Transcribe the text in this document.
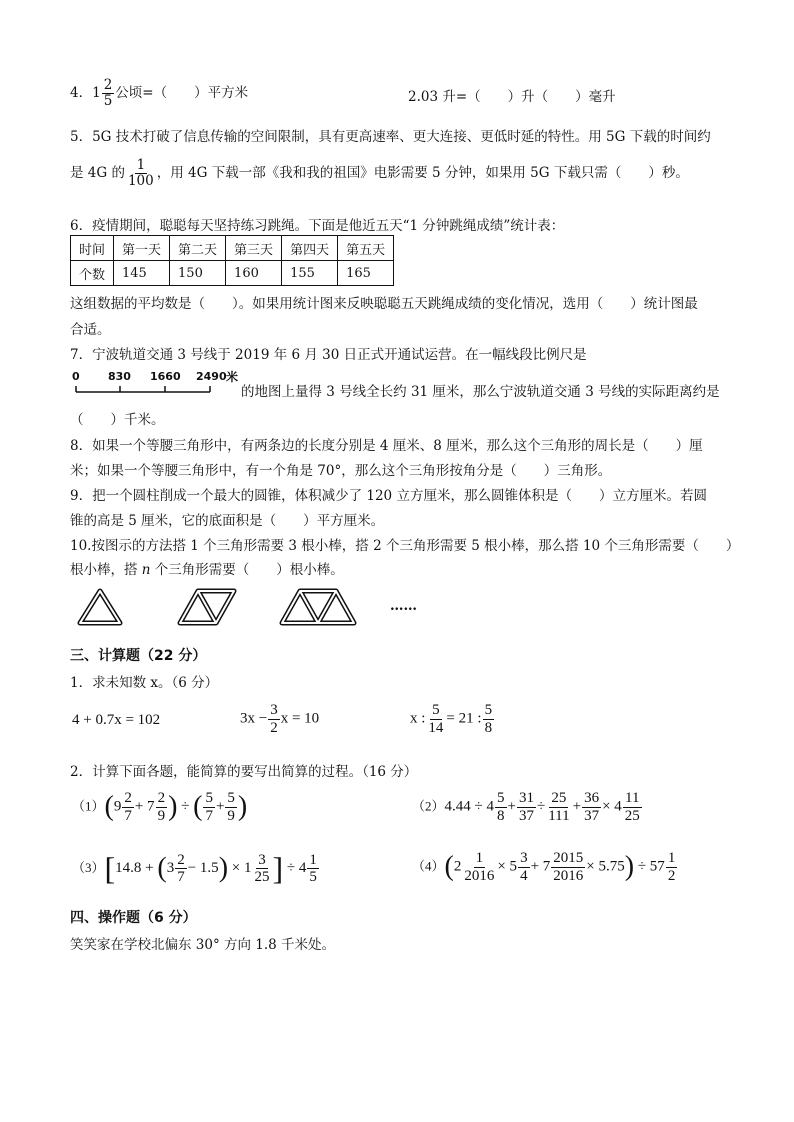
4．$1 \frac{2}{5}$ 公顷=（　　）平方米	2.03 升=（　　）升（　　）毫升
5．5G 技术打破了信息传输的空间限制，具有更高速率、更大连接、更低时延的特性。用 5G 下载的时间约
是 4G 的 $\frac{1}{100}$ ，用 4G 下载一部《我和我的祖国》电影需要 5 分钟，如果用 5G 下载只需（　　）秒。
6．疫情期间，聪聪每天坚持练习跳绳。下面是他近五天“1 分钟跳绳成绩”统计表：
时间	第一天	第二天	第三天	第四天	第五天
个数	145	150	160	155	165
这组数据的平均数是（　　）。如果用统计图来反映聪聪五天跳绳成绩的变化情况，选用（　　）统计图最
合适。
7．宁波轨道交通 3 号线于 2019 年 6 月 30 日正式开通试运营。在一幅线段比例尺是
0	830 1660 2490 米
的地图上量得 3 号线全长约 31 厘米，那么宁波轨道交通 3 号线的实际距离约是
（　　）千米。
8．如果一个等腰三角形中，有两条边的长度分别是 4 厘米、8 厘米，那么这个三角形的周长是（　　）厘
米；如果一个等腰三角形中，有一个角是 70°，那么这个三角形按角分是（　　）三角形。
9．把一个圆柱削成一个最大的圆锥，体积减少了 120 立方厘米，那么圆锥体积是（　　）立方厘米。若圆
锥的高是 5 厘米，它的底面积是（　　）平方厘米。
10.按图示的方法搭 1 个三角形需要 3 根小棒，搭 2 个三角形需要 5 根小棒，那么搭 10 个三角形需要（　　）
根小棒，搭 n 个三角形需要（　　）根小棒。
……
三、计算题（22 分）
1．求未知数 x。（6 分）
4 + 0.7x = 102	$3x - \frac{3}{2}$ x = 10	x : $\frac{5}{14} = 21$ : $\frac{5}{8}$
2．计算下面各题，能简算的要写出简算的过程。（16 分）
$(1)(9 \frac{2}{7} + 7 \frac{2}{9}$ ) ÷ ( $\frac{5}{7} + \frac{5}{9}$ )	$(2)4.44 \div 4 \frac{5}{8} + \frac{31}{37} \div \frac{25}{111} + \frac{36}{37} \times 4 \frac{11}{25}$
$(3)[14.8 + (3 \frac{2}{7} - 1.5) \times 1 \frac{3}{25}$ ] ÷ $4 \frac{1}{5}$	$(4)(2 \frac{1}{2016} \times 5 \frac{3}{4} + 7 \frac{2015}{2016} \times 5.75) \div 57 \frac{1}{2}$
四、操作题（6 分）
笑笑家在学校北偏东 30° 方向 1.8 千米处。
